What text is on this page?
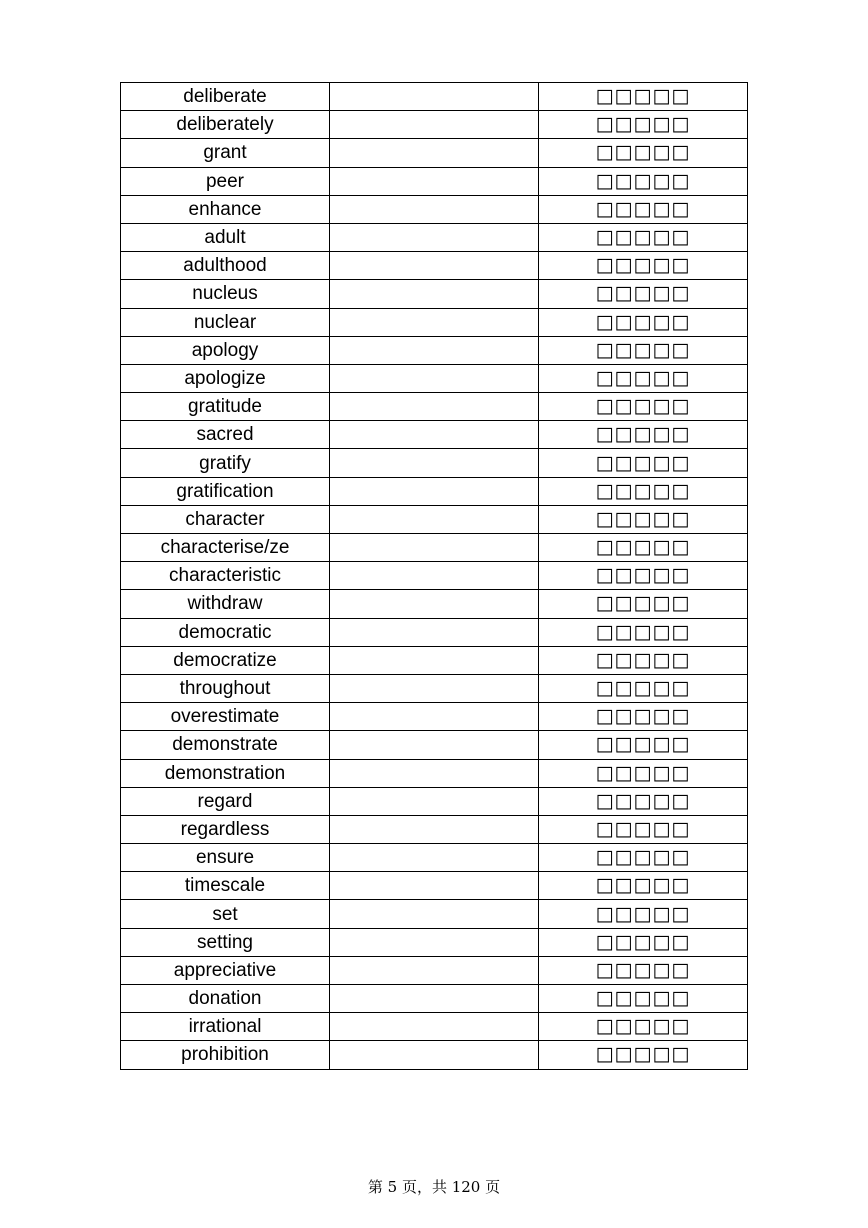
deliberate		□□□□□
deliberately		□□□□□
grant		□□□□□
peer		□□□□□
enhance		□□□□□
adult		□□□□□
adulthood		□□□□□
nucleus		□□□□□
nuclear		□□□□□
apology		□□□□□
apologize		□□□□□
gratitude		□□□□□
sacred		□□□□□
gratify		□□□□□
gratification		□□□□□
character		□□□□□
characterise/ze		□□□□□
characteristic		□□□□□
withdraw		□□□□□
democratic		□□□□□
democratize		□□□□□
throughout		□□□□□
overestimate		□□□□□
demonstrate		□□□□□
demonstration		□□□□□
regard		□□□□□
regardless		□□□□□
ensure		□□□□□
timescale		□□□□□
set		□□□□□
setting		□□□□□
appreciative		□□□□□
donation		□□□□□
irrational		□□□□□
prohibition		□□□□□
第 5 页，共 120 页
